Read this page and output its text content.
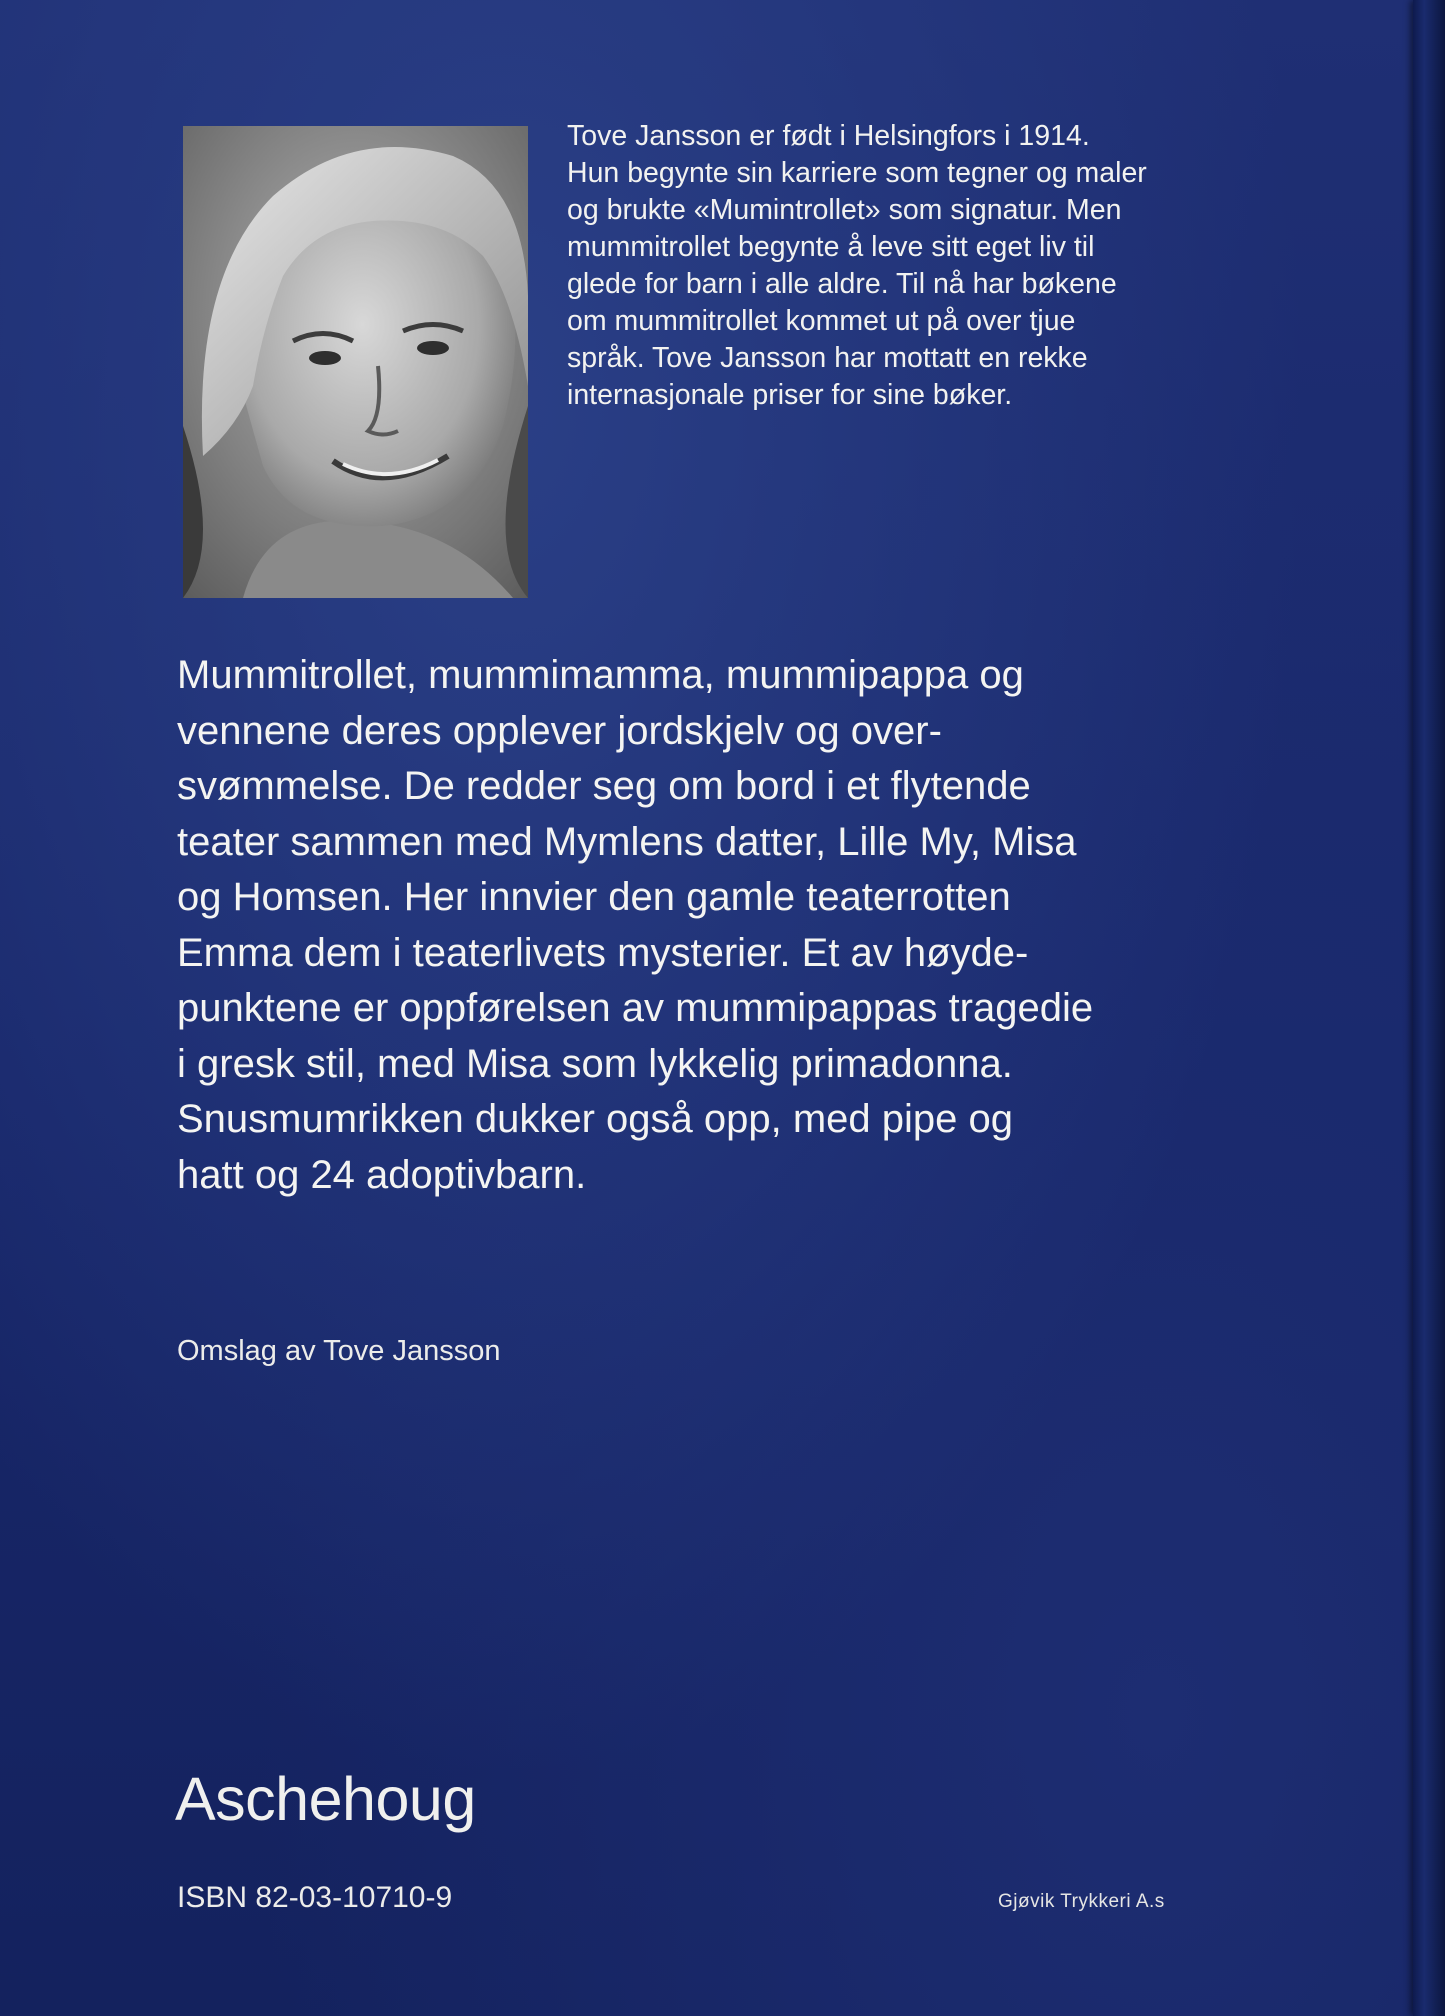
Tove Jansson er født i Helsingfors i 1914.
Hun begynte sin karriere som tegner og maler
og brukte «Mumintrollet» som signatur. Men
mummitrollet begynte å leve sitt eget liv til
glede for barn i alle aldre. Til nå har bøkene
om mummitrollet kommet ut på over tjue
språk. Tove Jansson har mottatt en rekke
internasjonale priser for sine bøker.
Mummitrollet, mummimamma, mummipappa og
vennene deres opplever jordskjelv og over-
svømmelse. De redder seg om bord i et flytende
teater sammen med Mymlens datter, Lille My, Misa
og Homsen. Her innvier den gamle teaterrotten
Emma dem i teaterlivets mysterier. Et av høyde-
punktene er oppførelsen av mummipappas tragedie
i gresk stil, med Misa som lykkelig primadonna.
Snusmumrikken dukker også opp, med pipe og
hatt og 24 adoptivbarn.
Omslag av Tove Jansson
Aschehoug
ISBN 82-03-10710-9	Gjøvik Trykkeri A.s
